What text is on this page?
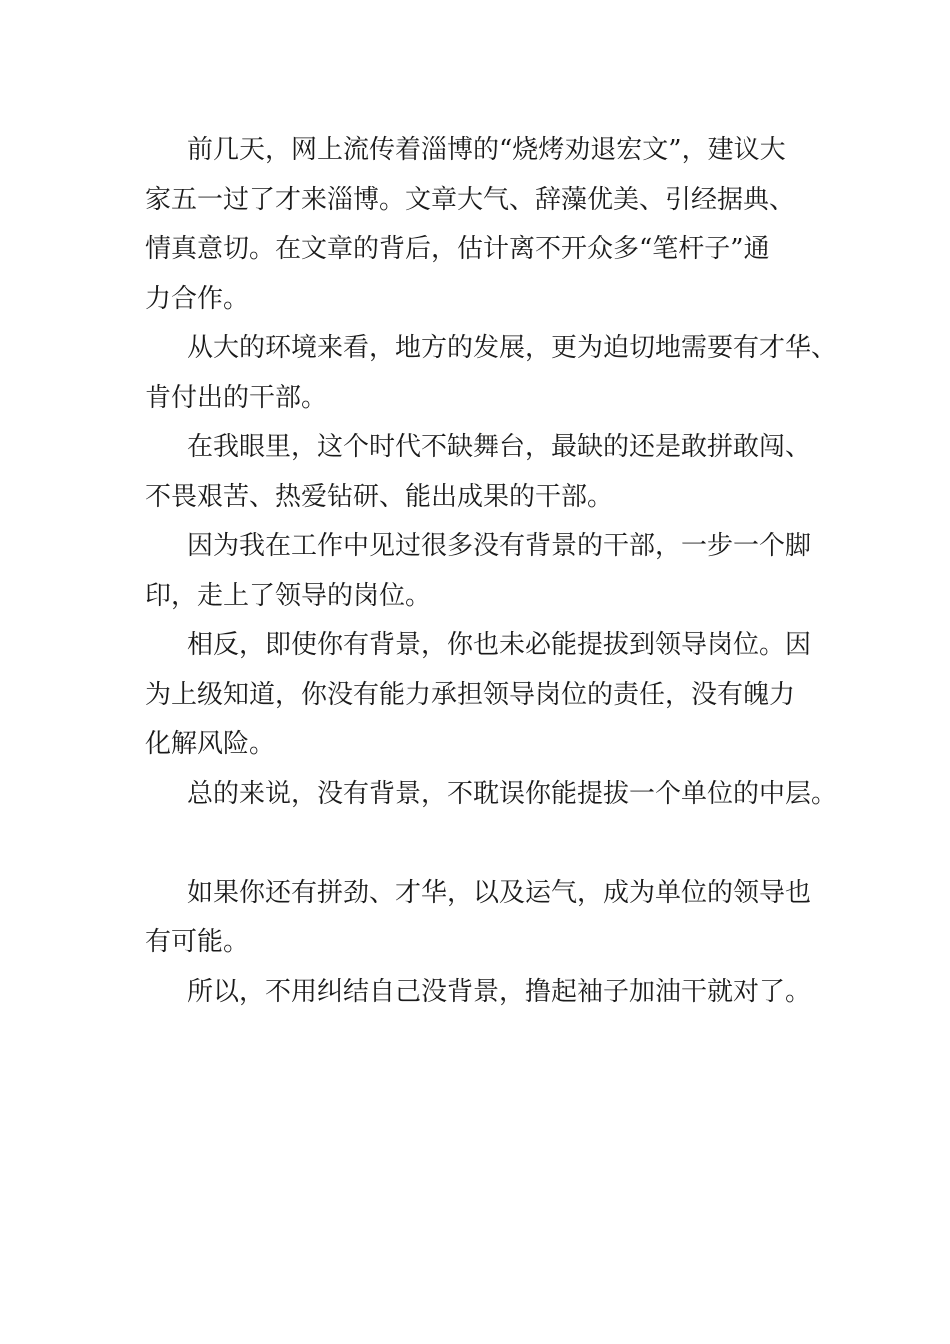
前几天，网上流传着淄博的“烧烤劝退宏文”，建议大
家五一过了才来淄博。文章大气、辞藻优美、引经据典、
情真意切。在文章的背后，估计离不开众多“笔杆子”通
力合作。

从大的环境来看，地方的发展，更为迫切地需要有才华、
肯付出的干部。

在我眼里，这个时代不缺舞台，最缺的还是敢拼敢闯、
不畏艰苦、热爱钻研、能出成果的干部。

因为我在工作中见过很多没有背景的干部，一步一个脚
印，走上了领导的岗位。

相反，即使你有背景，你也未必能提拔到领导岗位。因
为上级知道，你没有能力承担领导岗位的责任，没有魄力
化解风险。

总的来说，没有背景，不耽误你能提拔一个单位的中层。

如果你还有拼劲、才华，以及运气，成为单位的领导也
有可能。

所以，不用纠结自己没背景，撸起袖子加油干就对了。
